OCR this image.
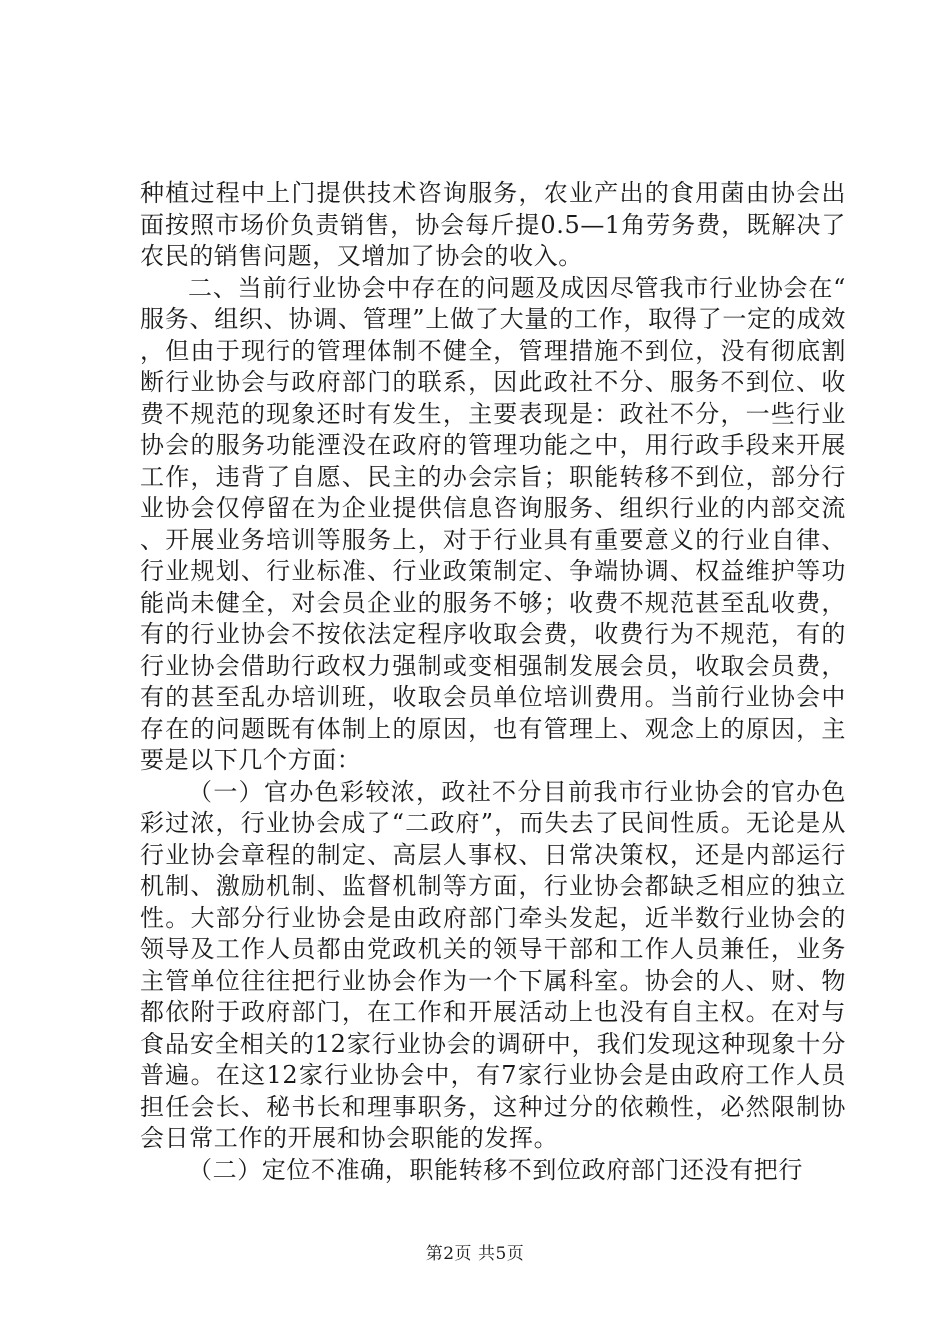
种植过程中上门提供技术咨询服务，农业产出的食用菌由协会出面按照市场价负责销售，协会每斤提0.5—1角劳务费，既解决了农民的销售问题，又增加了协会的收入。

二、当前行业协会中存在的问题及成因尽管我市行业协会在“服务、组织、协调、管理”上做了大量的工作，取得了一定的成效，但由于现行的管理体制不健全，管理措施不到位，没有彻底割断行业协会与政府部门的联系，因此政社不分、服务不到位、收费不规范的现象还时有发生，主要表现是：政社不分，一些行业协会的服务功能湮没在政府的管理功能之中，用行政手段来开展工作，违背了自愿、民主的办会宗旨；职能转移不到位，部分行业协会仅停留在为企业提供信息咨询服务、组织行业的内部交流、开展业务培训等服务上，对于行业具有重要意义的行业自律、行业规划、行业标准、行业政策制定、争端协调、权益维护等功能尚未健全，对会员企业的服务不够；收费不规范甚至乱收费，有的行业协会不按依法定程序收取会费，收费行为不规范，有的行业协会借助行政权力强制或变相强制发展会员，收取会员费，有的甚至乱办培训班，收取会员单位培训费用。当前行业协会中存在的问题既有体制上的原因，也有管理上、观念上的原因，主要是以下几个方面：

（一）官办色彩较浓，政社不分目前我市行业协会的官办色彩过浓，行业协会成了“二政府”，而失去了民间性质。无论是从行业协会章程的制定、高层人事权、日常决策权，还是内部运行机制、激励机制、监督机制等方面，行业协会都缺乏相应的独立性。大部分行业协会是由政府部门牵头发起，近半数行业协会的领导及工作人员都由党政机关的领导干部和工作人员兼任，业务主管单位往往把行业协会作为一个下属科室。协会的人、财、物都依附于政府部门，在工作和开展活动上也没有自主权。在对与食品安全相关的12家行业协会的调研中，我们发现这种现象十分普遍。在这12家行业协会中，有7家行业协会是由政府工作人员担任会长、秘书长和理事职务，这种过分的依赖性，必然限制协会日常工作的开展和协会职能的发挥。

（二）定位不准确，职能转移不到位政府部门还没有把行

第2页 共5页
